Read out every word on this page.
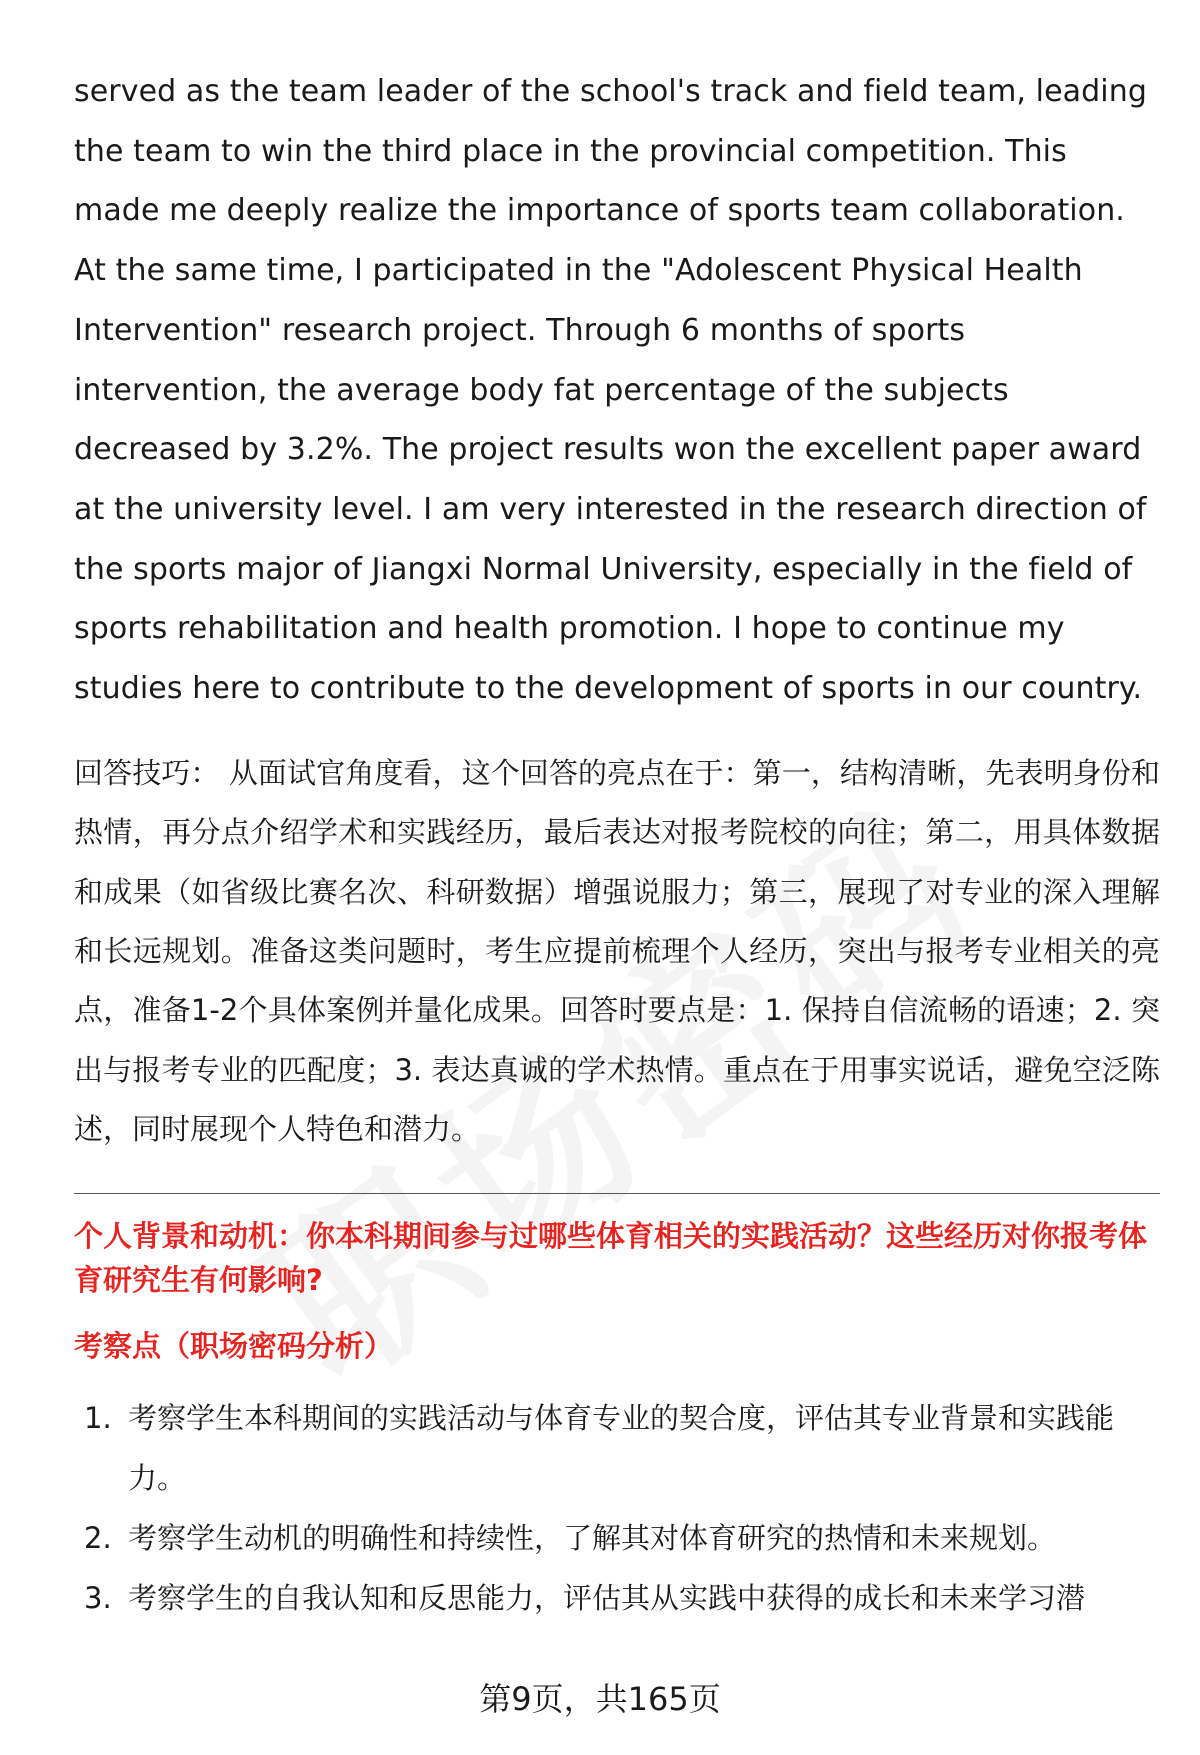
served as the team leader of the school's track and field team, leading the team to win the third place in the provincial competition. This made me deeply realize the importance of sports team collaboration. At the same time, I participated in the "Adolescent Physical Health Intervention" research project. Through 6 months of sports intervention, the average body fat percentage of the subjects decreased by 3.2%. The project results won the excellent paper award at the university level. I am very interested in the research direction of the sports major of Jiangxi Normal University, especially in the field of sports rehabilitation and health promotion. I hope to continue my studies here to contribute to the development of sports in our country.

回答技巧： 从面试官角度看，这个回答的亮点在于：第一，结构清晰，先表明身份和热情，再分点介绍学术和实践经历，最后表达对报考院校的向往；第二，用具体数据和成果（如省级比赛名次、科研数据）增强说服力；第三，展现了对专业的深入理解和长远规划。准备这类问题时，考生应提前梳理个人经历，突出与报考专业相关的亮点，准备1-2个具体案例并量化成果。回答时要点是：1. 保持自信流畅的语速；2. 突出与报考专业的匹配度；3. 表达真诚的学术热情。重点在于用事实说话，避免空泛陈述，同时展现个人特色和潜力。

个人背景和动机：你本科期间参与过哪些体育相关的实践活动？这些经历对你报考体育研究生有何影响?

考察点（职场密码分析）

1. 考察学生本科期间的实践活动与体育专业的契合度，评估其专业背景和实践能力。
2. 考察学生动机的明确性和持续性，了解其对体育研究的热情和未来规划。
3. 考察学生的自我认知和反思能力，评估其从实践中获得的成长和未来学习潜
第9页，共165页
